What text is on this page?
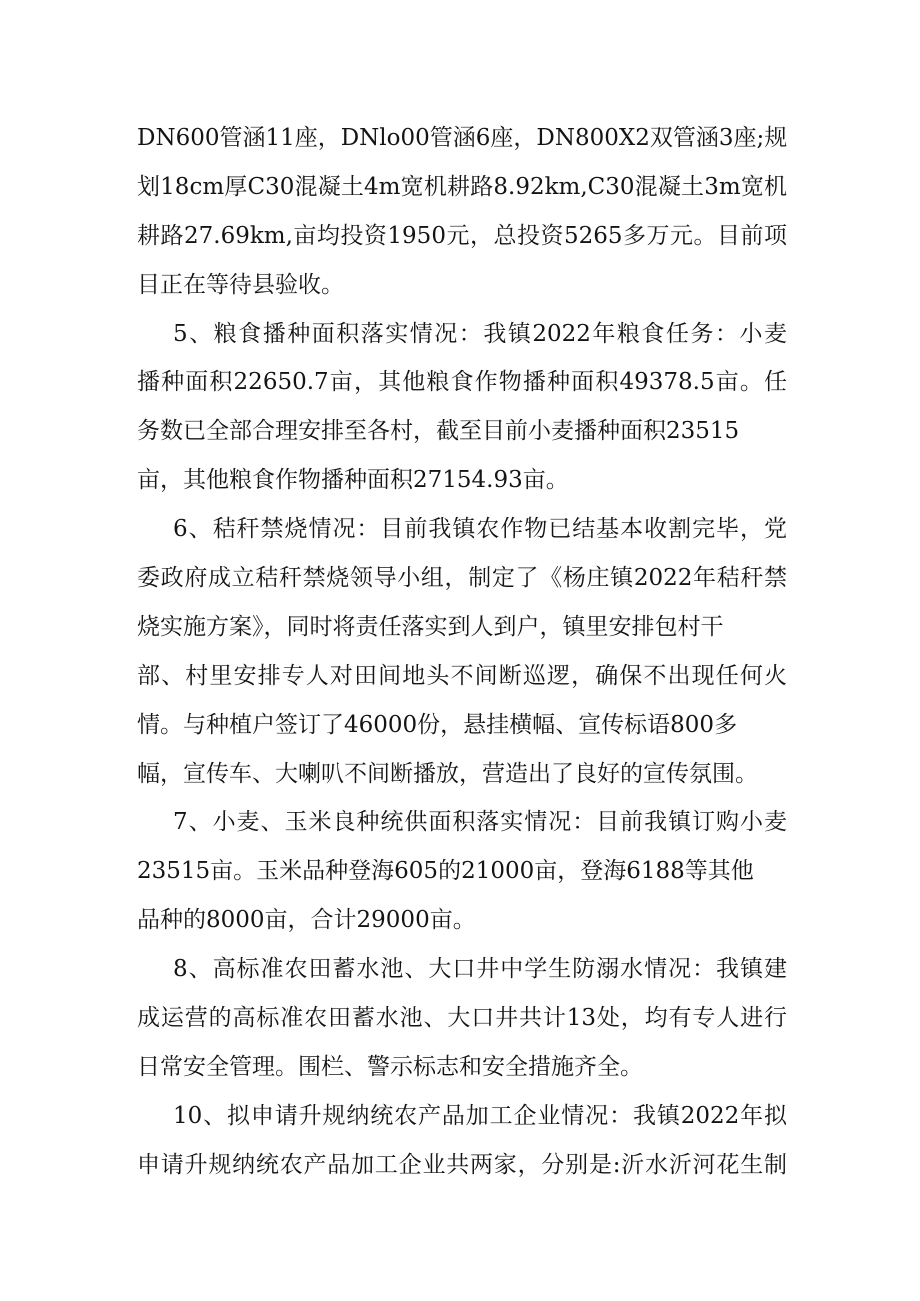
DN600管涵11座，DNlo00管涵6座，DN800X2双管涵3座;规
划18cm厚C30混凝土4m宽机耕路8.92km,C30混凝土3m宽机
耕路27.69km,亩均投资1950元，总投资5265多万元。目前项
目正在等待县验收。
5、粮食播种面积落实情况：我镇2022年粮食任务：小麦
播种面积22650.7亩，其他粮食作物播种面积49378.5亩。任
务数已全部合理安排至各村，截至目前小麦播种面积23515
亩，其他粮食作物播种面积27154.93亩。
6、秸秆禁烧情况：目前我镇农作物已结基本收割完毕，党
委政府成立秸秆禁烧领导小组，制定了《杨庄镇2022年秸秆禁
烧实施方案》，同时将责任落实到人到户，镇里安排包村干
部、村里安排专人对田间地头不间断巡逻，确保不出现任何火
情。与种植户签订了46000份，悬挂横幅、宣传标语800多
幅，宣传车、大喇叭不间断播放，营造出了良好的宣传氛围。
7、小麦、玉米良种统供面积落实情况：目前我镇订购小麦
23515亩。玉米品种登海605的21000亩，登海6188等其他
品种的8000亩，合计29000亩。
8、高标准农田蓄水池、大口井中学生防溺水情况：我镇建
成运营的高标准农田蓄水池、大口井共计13处，均有专人进行
日常安全管理。围栏、警示标志和安全措施齐全。
10、拟申请升规纳统农产品加工企业情况：我镇2022年拟
申请升规纳统农产品加工企业共两家，分别是:沂水沂河花生制
